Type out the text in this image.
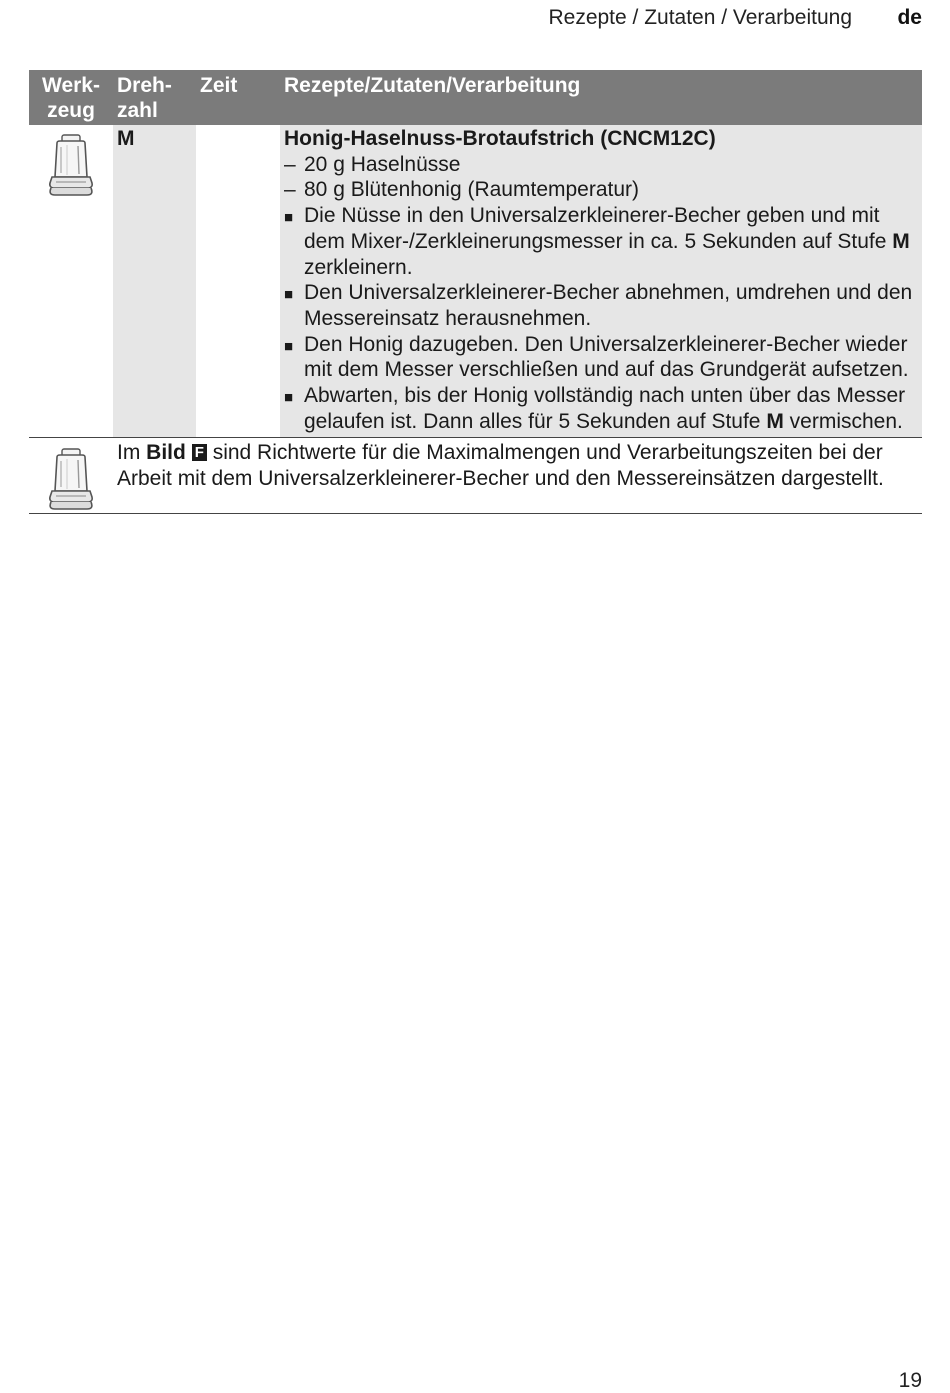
Rezepte / Zutaten / Verarbeitung de
Werk-
zeug
Dreh-
zahl
Zeit	Rezepte/Zutaten/Verarbeitung
M	Honig-Haselnuss-Brotaufstrich (CNCM12C)
– 20 g Haselnüsse
– 80 g Blütenhonig (Raumtemperatur)
■ Die Nüsse in den Universalzerkleinerer-Becher geben und mit dem Mixer-/Zerkleinerungsmesser in ca. 5 Sekunden auf Stufe M zerkleinern.
■ Den Universalzerkleinerer-Becher abnehmen, umdrehen und den Messereinsatz herausnehmen.
■ Den Honig dazugeben. Den Universalzerkleinerer-Becher wieder mit dem Messer verschließen und auf das Grundgerät aufsetzen.
■ Abwarten, bis der Honig vollständig nach unten über das Messer gelaufen ist. Dann alles für 5 Sekunden auf Stufe M vermischen.
Im Bild F sind Richtwerte für die Maximalmengen und Verarbeitungszeiten bei der Arbeit mit dem Universalzerkleinerer-Becher und den Messereinsätzen dargestellt.
19
